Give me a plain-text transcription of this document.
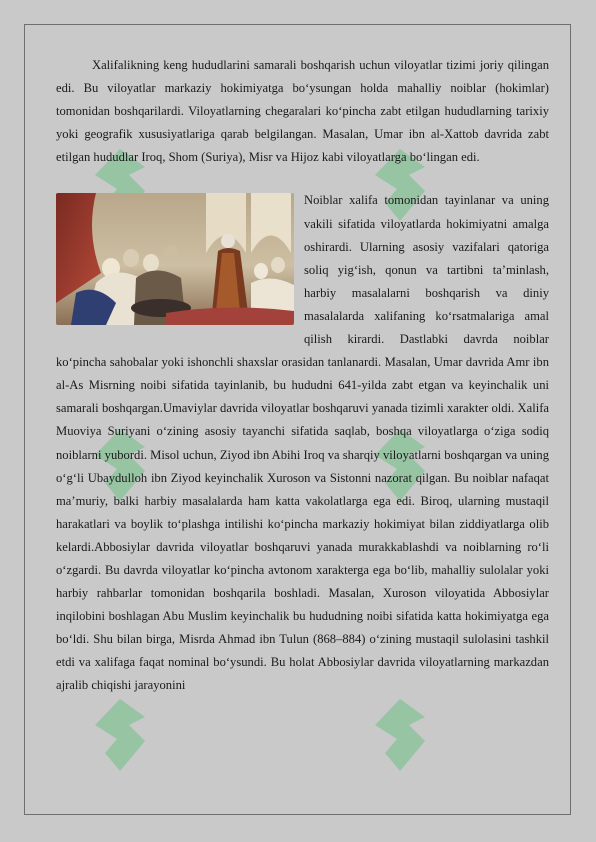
Xalifalikning keng hududlarini samarali boshqarish uchun viloyatlar tizimi joriy qilingan edi. Bu viloyatlar markaziy hokimiyatga bo‘ysungan holda mahalliy noiblar (hokimlar) tomonidan boshqarilardi. Viloyatlarning chegaralari ko‘pincha zabt etilgan hududlarning tarixiy yoki geografik xususiyatlariga qarab belgilangan. Masalan, Umar ibn al-Xattob davrida zabt etilgan hududlar Iroq, Shom (Suriya), Misr va Hijoz kabi viloyatlarga bo‘lingan edi.

Noiblar xalifa tomonidan tayinlanar va uning vakili sifatida viloyatlarda hokimiyatni amalga oshirardi. Ularning asosiy vazifalari qatoriga soliq yig‘ish, qonun va tartibni ta’minlash, harbiy masalalarni boshqarish va diniy masalalarda xalifaning ko‘rsatmalariga amal qilish kirardi. Dastlabki davrda noiblar ko‘pincha sahobalar yoki ishonchli shaxslar orasidan tanlanardi. Masalan, Umar davrida Amr ibn al-As Misrning noibi sifatida tayinlanib, bu hududni 641-yilda zabt etgan va keyinchalik uni samarali boshqargan.Umaviylar davrida viloyatlar boshqaruvi yanada tizimli xarakter oldi. Xalifa Muoviya Suriyani o‘zining asosiy tayanchi sifatida saqlab, boshqa viloyatlarga o‘ziga sodiq noiblarni yubordi. Misol uchun, Ziyod ibn Abihi Iroq va sharqiy viloyatlarni boshqargan va uning o‘g‘li Ubaydulloh ibn Ziyod keyinchalik Xuroson va Sistonni nazorat qilgan. Bu noiblar nafaqat ma’muriy, balki harbiy masalalarda ham katta vakolatlarga ega edi. Biroq, ularning mustaqil harakatlari va boylik to‘plashga intilishi ko‘pincha markaziy hokimiyat bilan ziddiyatlarga olib kelardi.Abbosiylar davrida viloyatlar boshqaruvi yanada murakkablashdi va noiblarning ro‘li o‘zgardi. Bu davrda viloyatlar ko‘pincha avtonom xarakterga ega bo‘lib, mahalliy sulolalar yoki harbiy rahbarlar tomonidan boshqarila boshladi. Masalan, Xuroson viloyatida Abbosiylar inqilobini boshlagan Abu Muslim keyinchalik bu hududning noibi sifatida katta hokimiyatga ega bo‘ldi. Shu bilan birga, Misrda Ahmad ibn Tulun (868–884) o‘zining mustaqil sulolasini tashkil etdi va xalifaga faqat nominal bo‘ysundi. Bu holat Abbosiylar davrida viloyatlarning markazdan ajralib chiqishi jarayonini
